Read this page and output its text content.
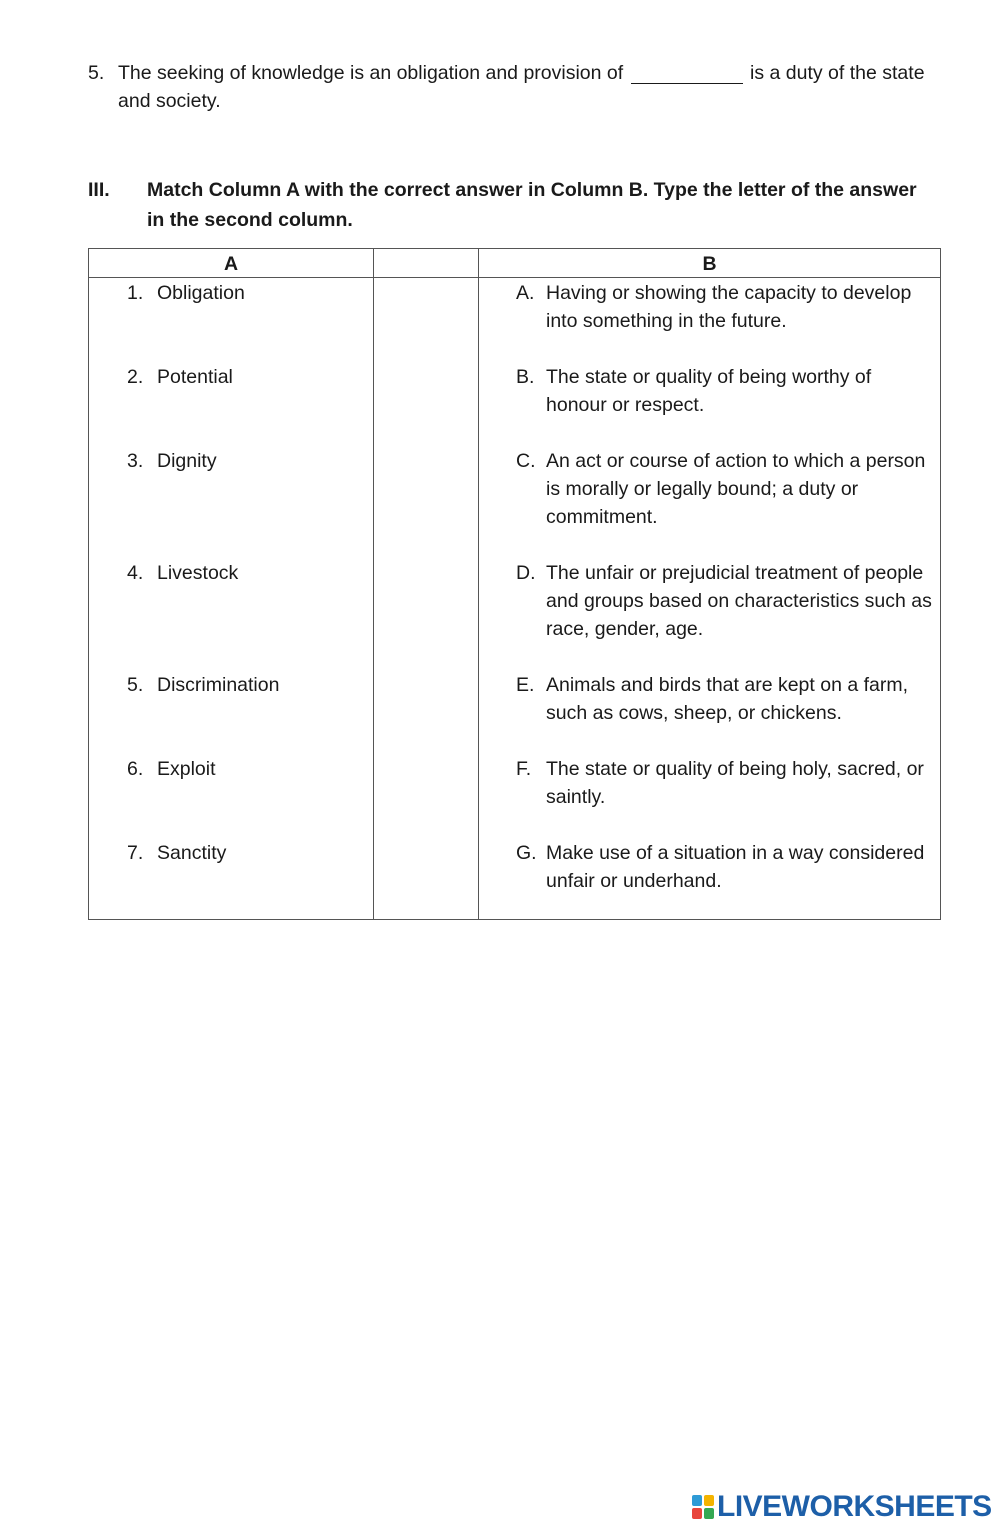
5. The seeking of knowledge is an obligation and provision of	is a duty of the state and society.
III. Match Column A with the correct answer in Column B. Type the letter of the answer in the second column.
A	B
1. Obligation
2. Potential
3. Dignity
4. Livestock
5. Discrimination
6. Exploit
7. Sanctity
A. Having or showing the capacity to develop into something in the future.
B. The state or quality of being worthy of honour or respect.
C. An act or course of action to which a person is morally or legally bound; a duty or commitment.
D. The unfair or prejudicial treatment of people and groups based on characteristics such as race, gender, age.
E. Animals and birds that are kept on a farm, such as cows, sheep, or chickens.
F. The state or quality of being holy, sacred, or saintly.
G. Make use of a situation in a way considered unfair or underhand.
LIVEWORKSHEETS
